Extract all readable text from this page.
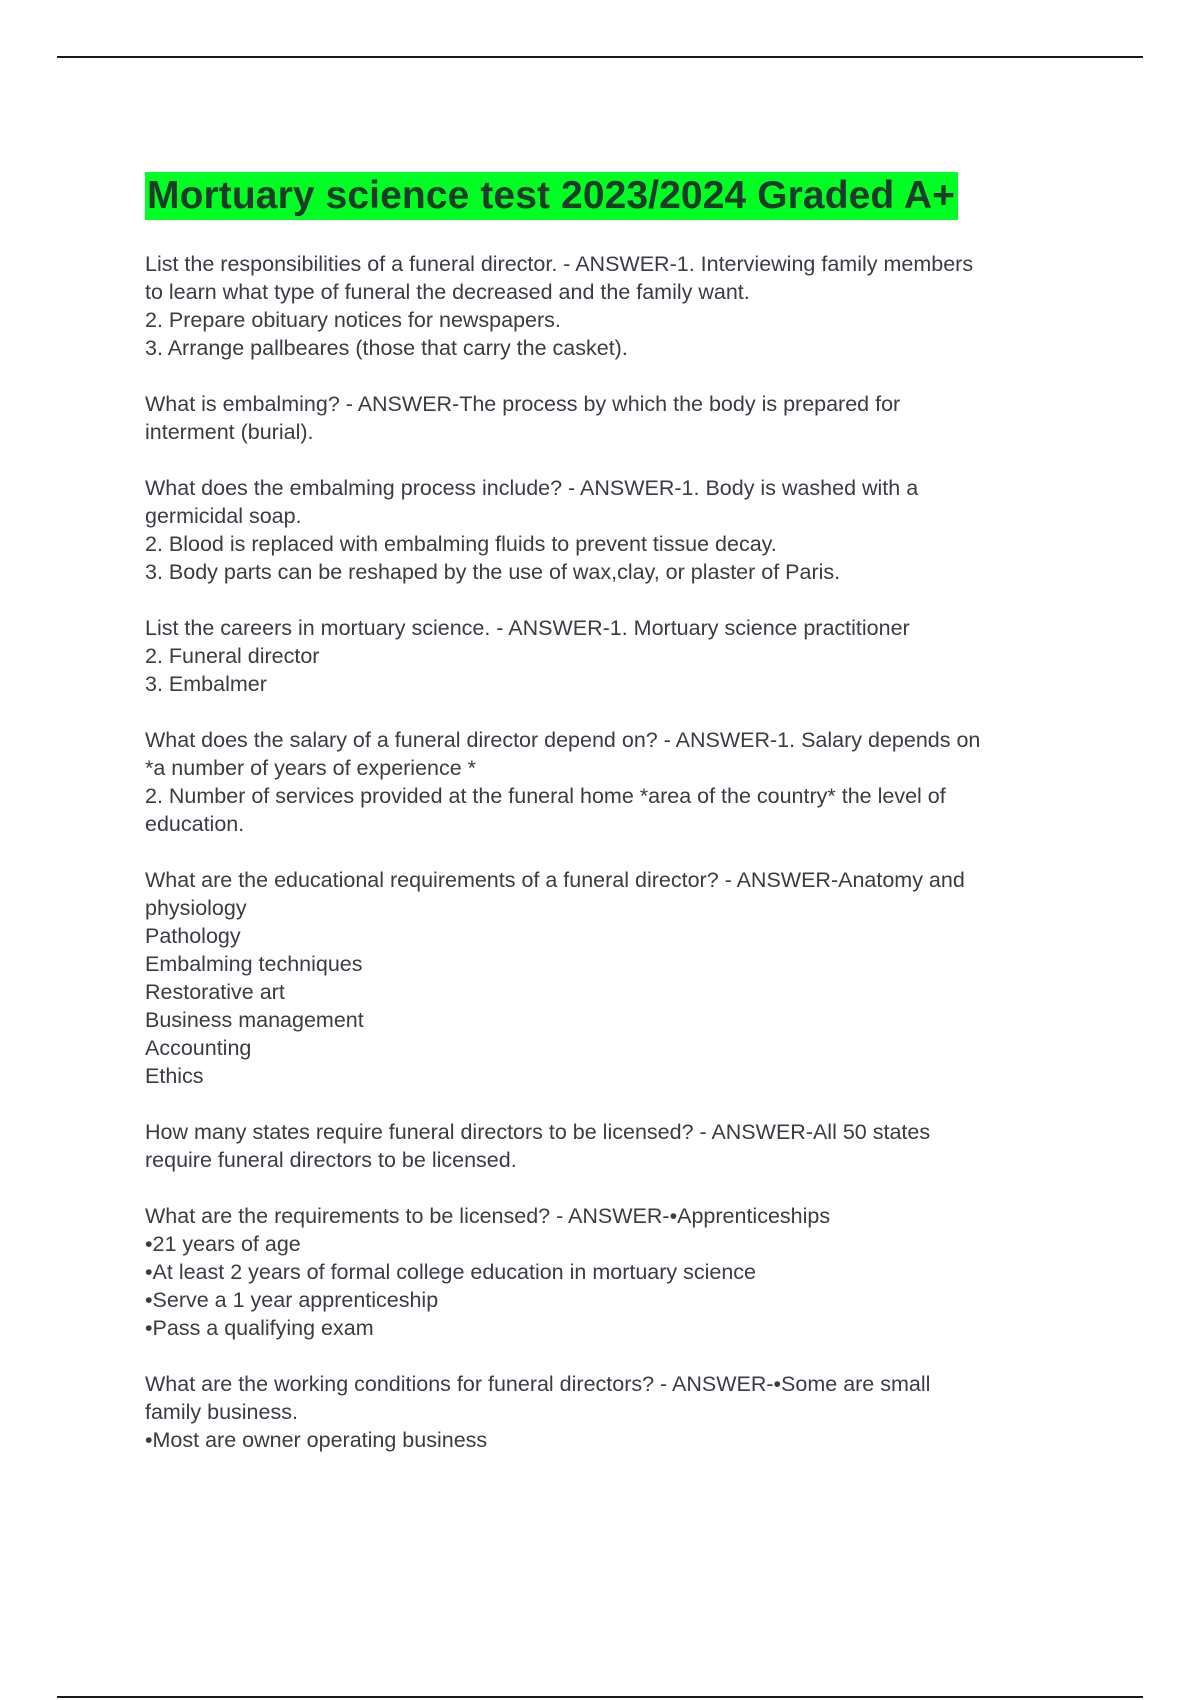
Mortuary science test 2023/2024 Graded A+
List the responsibilities of a funeral director. - ANSWER-1. Interviewing family members
to learn what type of funeral the decreased and the family want.
2. Prepare obituary notices for newspapers.
3. Arrange pallbeares (those that carry the casket).
What is embalming? - ANSWER-The process by which the body is prepared for
interment (burial).
What does the embalming process include? - ANSWER-1. Body is washed with a
germicidal soap.
2. Blood is replaced with embalming fluids to prevent tissue decay.
3. Body parts can be reshaped by the use of wax,clay, or plaster of Paris.
List the careers in mortuary science. - ANSWER-1. Mortuary science practitioner
2. Funeral director
3. Embalmer
What does the salary of a funeral director depend on? - ANSWER-1. Salary depends on
*a number of years of experience *
2. Number of services provided at the funeral home *area of the country* the level of
education.
What are the educational requirements of a funeral director? - ANSWER-Anatomy and
physiology
Pathology
Embalming techniques
Restorative art
Business management
Accounting
Ethics
How many states require funeral directors to be licensed? - ANSWER-All 50 states
require funeral directors to be licensed.
What are the requirements to be licensed? - ANSWER-•Apprenticeships
•21 years of age
•At least 2 years of formal college education in mortuary science
•Serve a 1 year apprenticeship
•Pass a qualifying exam
What are the working conditions for funeral directors? - ANSWER-•Some are small
family business.
•Most are owner operating business
